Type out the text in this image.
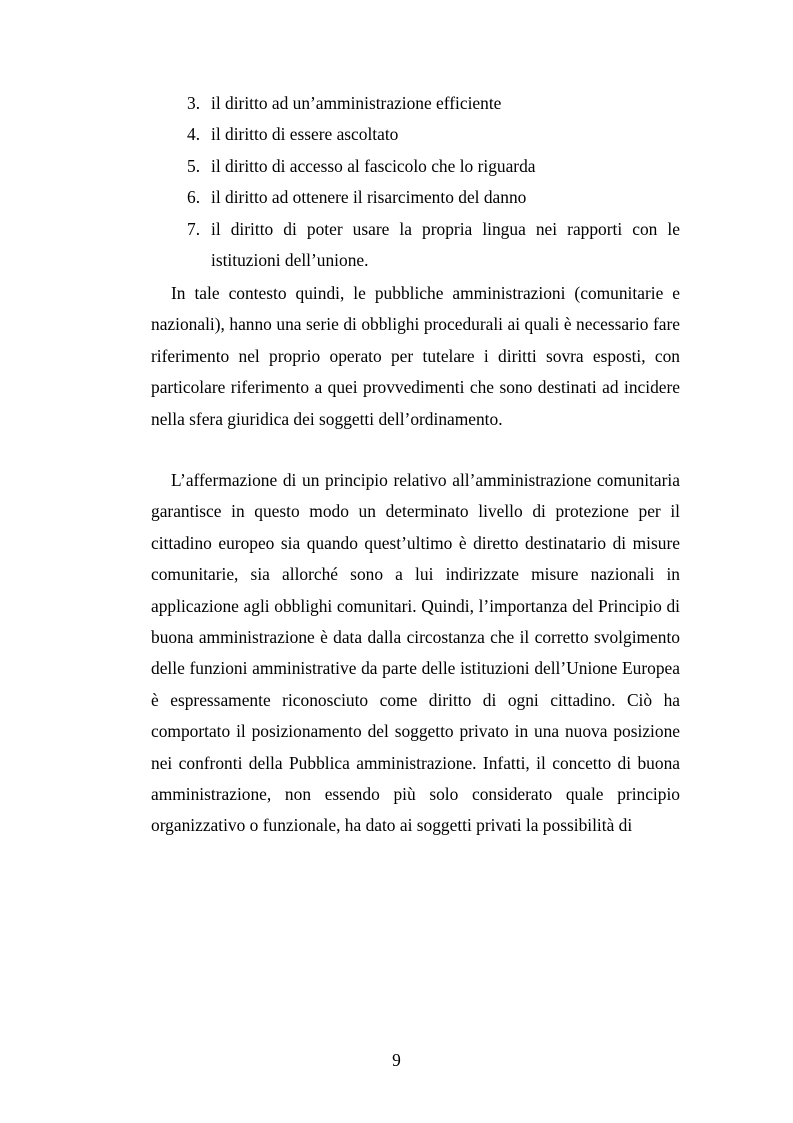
3. il diritto ad un’amministrazione efficiente
4. il diritto di essere ascoltato
5. il diritto di accesso al fascicolo che lo riguarda
6. il diritto ad ottenere il risarcimento del danno
7. il diritto di poter usare la propria lingua nei rapporti con le istituzioni dell’unione.

In tale contesto quindi, le pubbliche amministrazioni (comunitarie e nazionali), hanno una serie di obblighi procedurali ai quali è necessario fare riferimento nel proprio operato per tutelare i diritti sovra esposti, con particolare riferimento a quei provvedimenti che sono destinati ad incidere nella sfera giuridica dei soggetti dell’ordinamento.

L’affermazione di un principio relativo all’amministrazione comunitaria garantisce in questo modo un determinato livello di protezione per il cittadino europeo sia quando quest’ultimo è diretto destinatario di misure comunitarie, sia allorché sono a lui indirizzate misure nazionali in applicazione agli obblighi comunitari. Quindi, l’importanza del Principio di buona amministrazione è data dalla circostanza che il corretto svolgimento delle funzioni amministrative da parte delle istituzioni dell’Unione Europea è espressamente riconosciuto come diritto di ogni cittadino. Ciò ha comportato il posizionamento del soggetto privato in una nuova posizione nei confronti della Pubblica amministrazione. Infatti, il concetto di buona amministrazione, non essendo più solo considerato quale principio organizzativo o funzionale, ha dato ai soggetti privati la possibilità di

9
